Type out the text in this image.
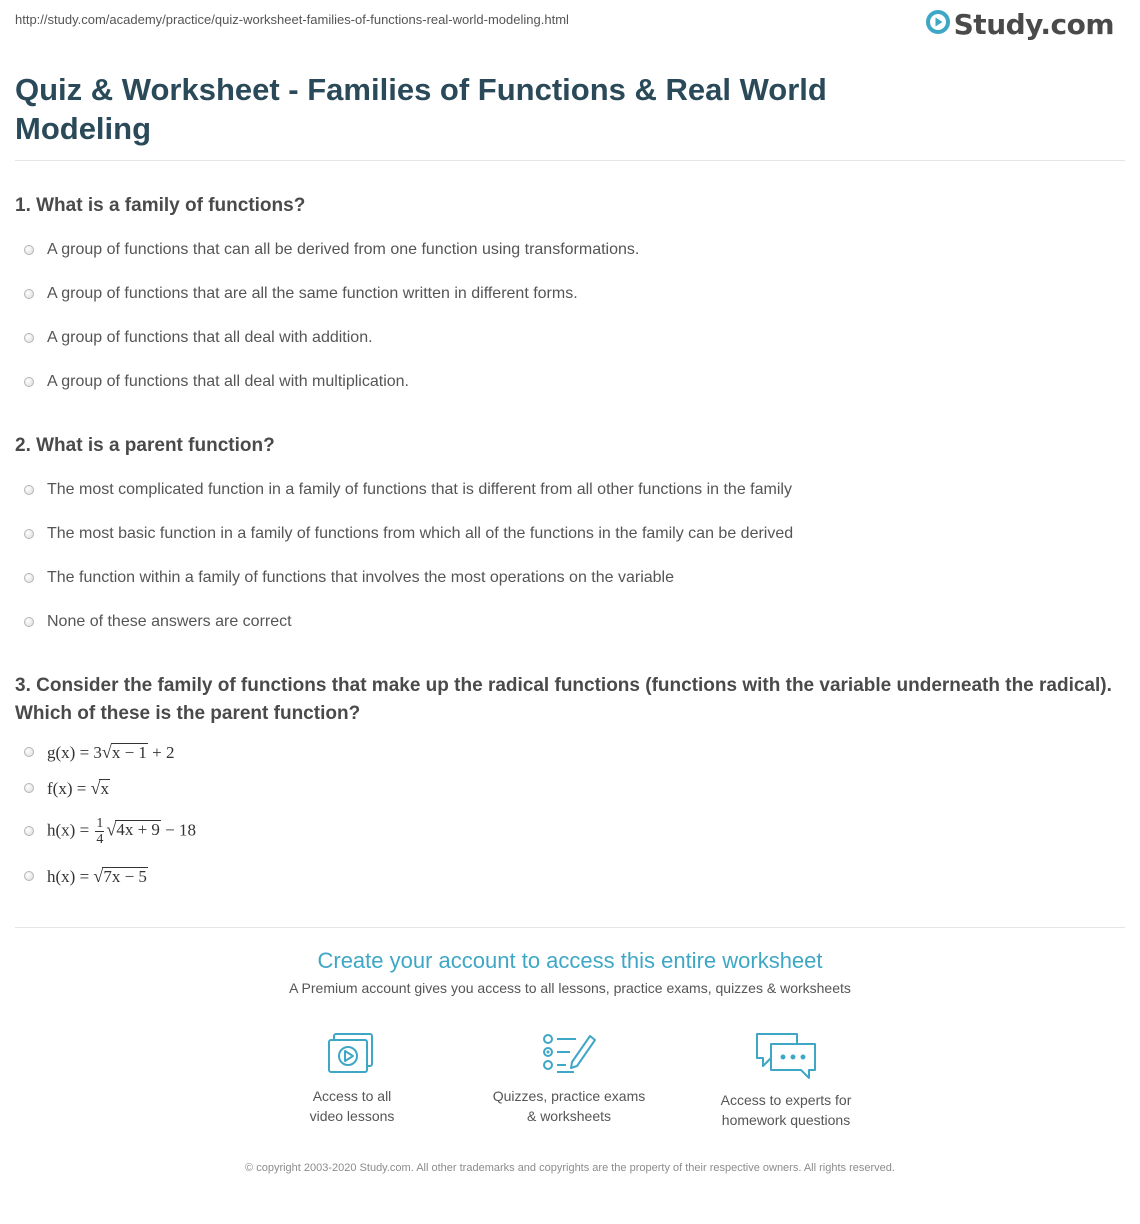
http://study.com/academy/practice/quiz-worksheet-families-of-functions-real-world-modeling.html	Study.com
Quiz & Worksheet - Families of Functions & Real World Modeling

1. What is a family of functions?

A group of functions that can all be derived from one function using transformations.
A group of functions that are all the same function written in different forms.
A group of functions that all deal with addition.
A group of functions that all deal with multiplication.

2. What is a parent function?

The most complicated function in a family of functions that is different from all other functions in the family
The most basic function in a family of functions from which all of the functions in the family can be derived
The function within a family of functions that involves the most operations on the variable
None of these answers are correct

3. Consider the family of functions that make up the radical functions (functions with the variable underneath the radical). Which of these is the parent function?

g(x) = 3√x − 1 + 2
f(x) = √x
$h(x) = \frac{1}{4} √4x + 9 - 18$
h(x) = √7x − 5

Create your account to access this entire worksheet

A Premium account gives you access to all lessons, practice exams, quizzes & worksheets
Access to all
video lessons
Quizzes, practice exams
& worksheets
Access to experts for
homework questions
© copyright 2003-2020 Study.com. All other trademarks and copyrights are the property of their respective owners. All rights reserved.
